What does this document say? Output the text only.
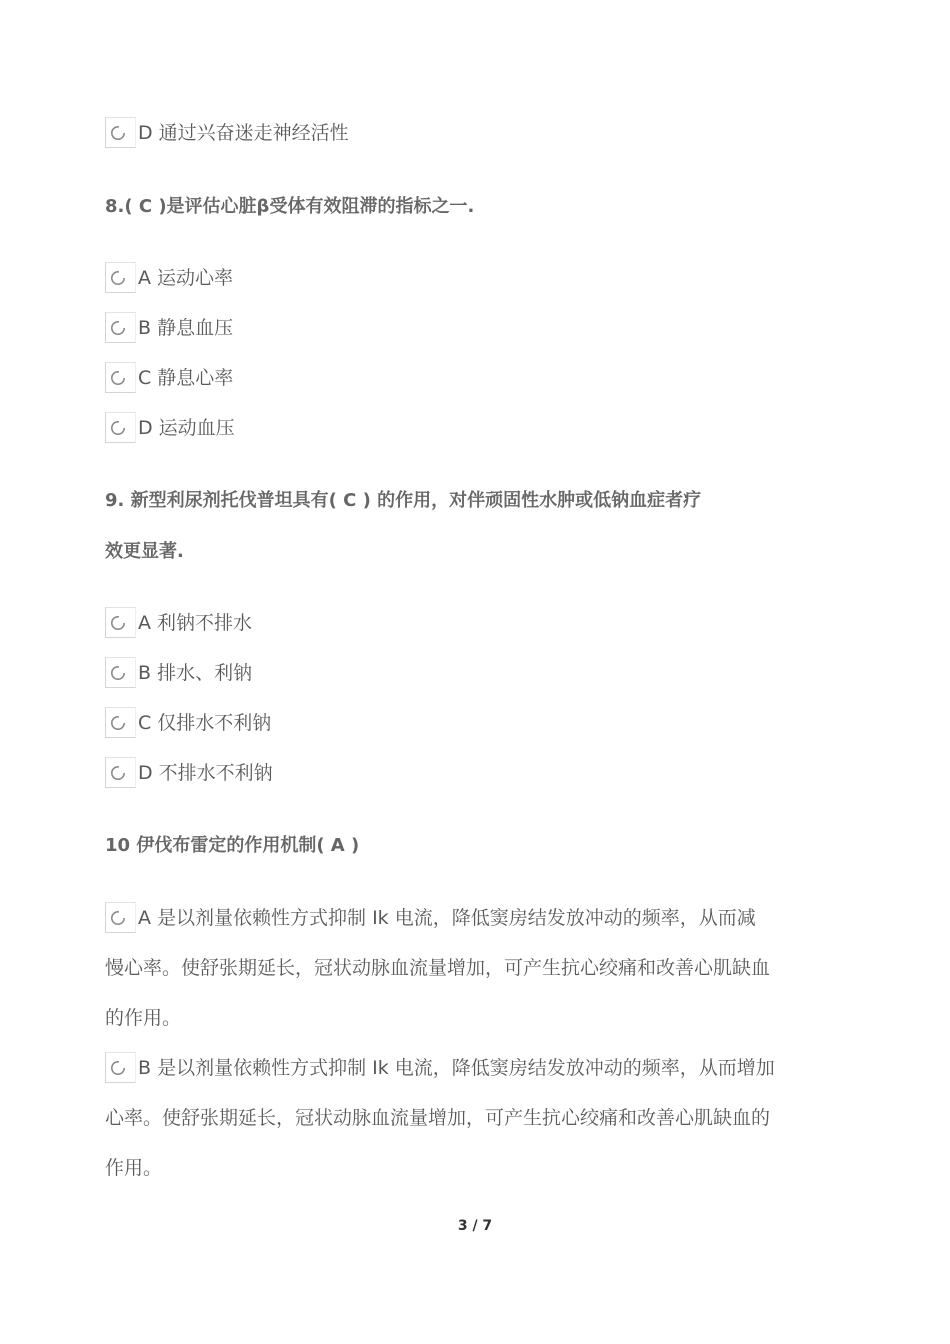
D 通过兴奋迷走神经活性
8.( C )是评估心脏β受体有效阻滞的指标之一.
A 运动心率
B 静息血压
C 静息心率
D 运动血压
9. 新型利尿剂托伐普坦具有( C ) 的作用，对伴顽固性水肿或低钠血症者疗
效更显著.
A 利钠不排水
B 排水、利钠
C 仅排水不利钠
D 不排水不利钠
10 伊伐布雷定的作用机制( A )
A 是以剂量依赖性方式抑制 Ik 电流，降低窦房结发放冲动的频率，从而减
慢心率。使舒张期延长，冠状动脉血流量增加，可产生抗心绞痛和改善心肌缺血
的作用。
B 是以剂量依赖性方式抑制 Ik 电流，降低窦房结发放冲动的频率，从而增加
心率。使舒张期延长，冠状动脉血流量增加，可产生抗心绞痛和改善心肌缺血的
作用。
3 / 7
